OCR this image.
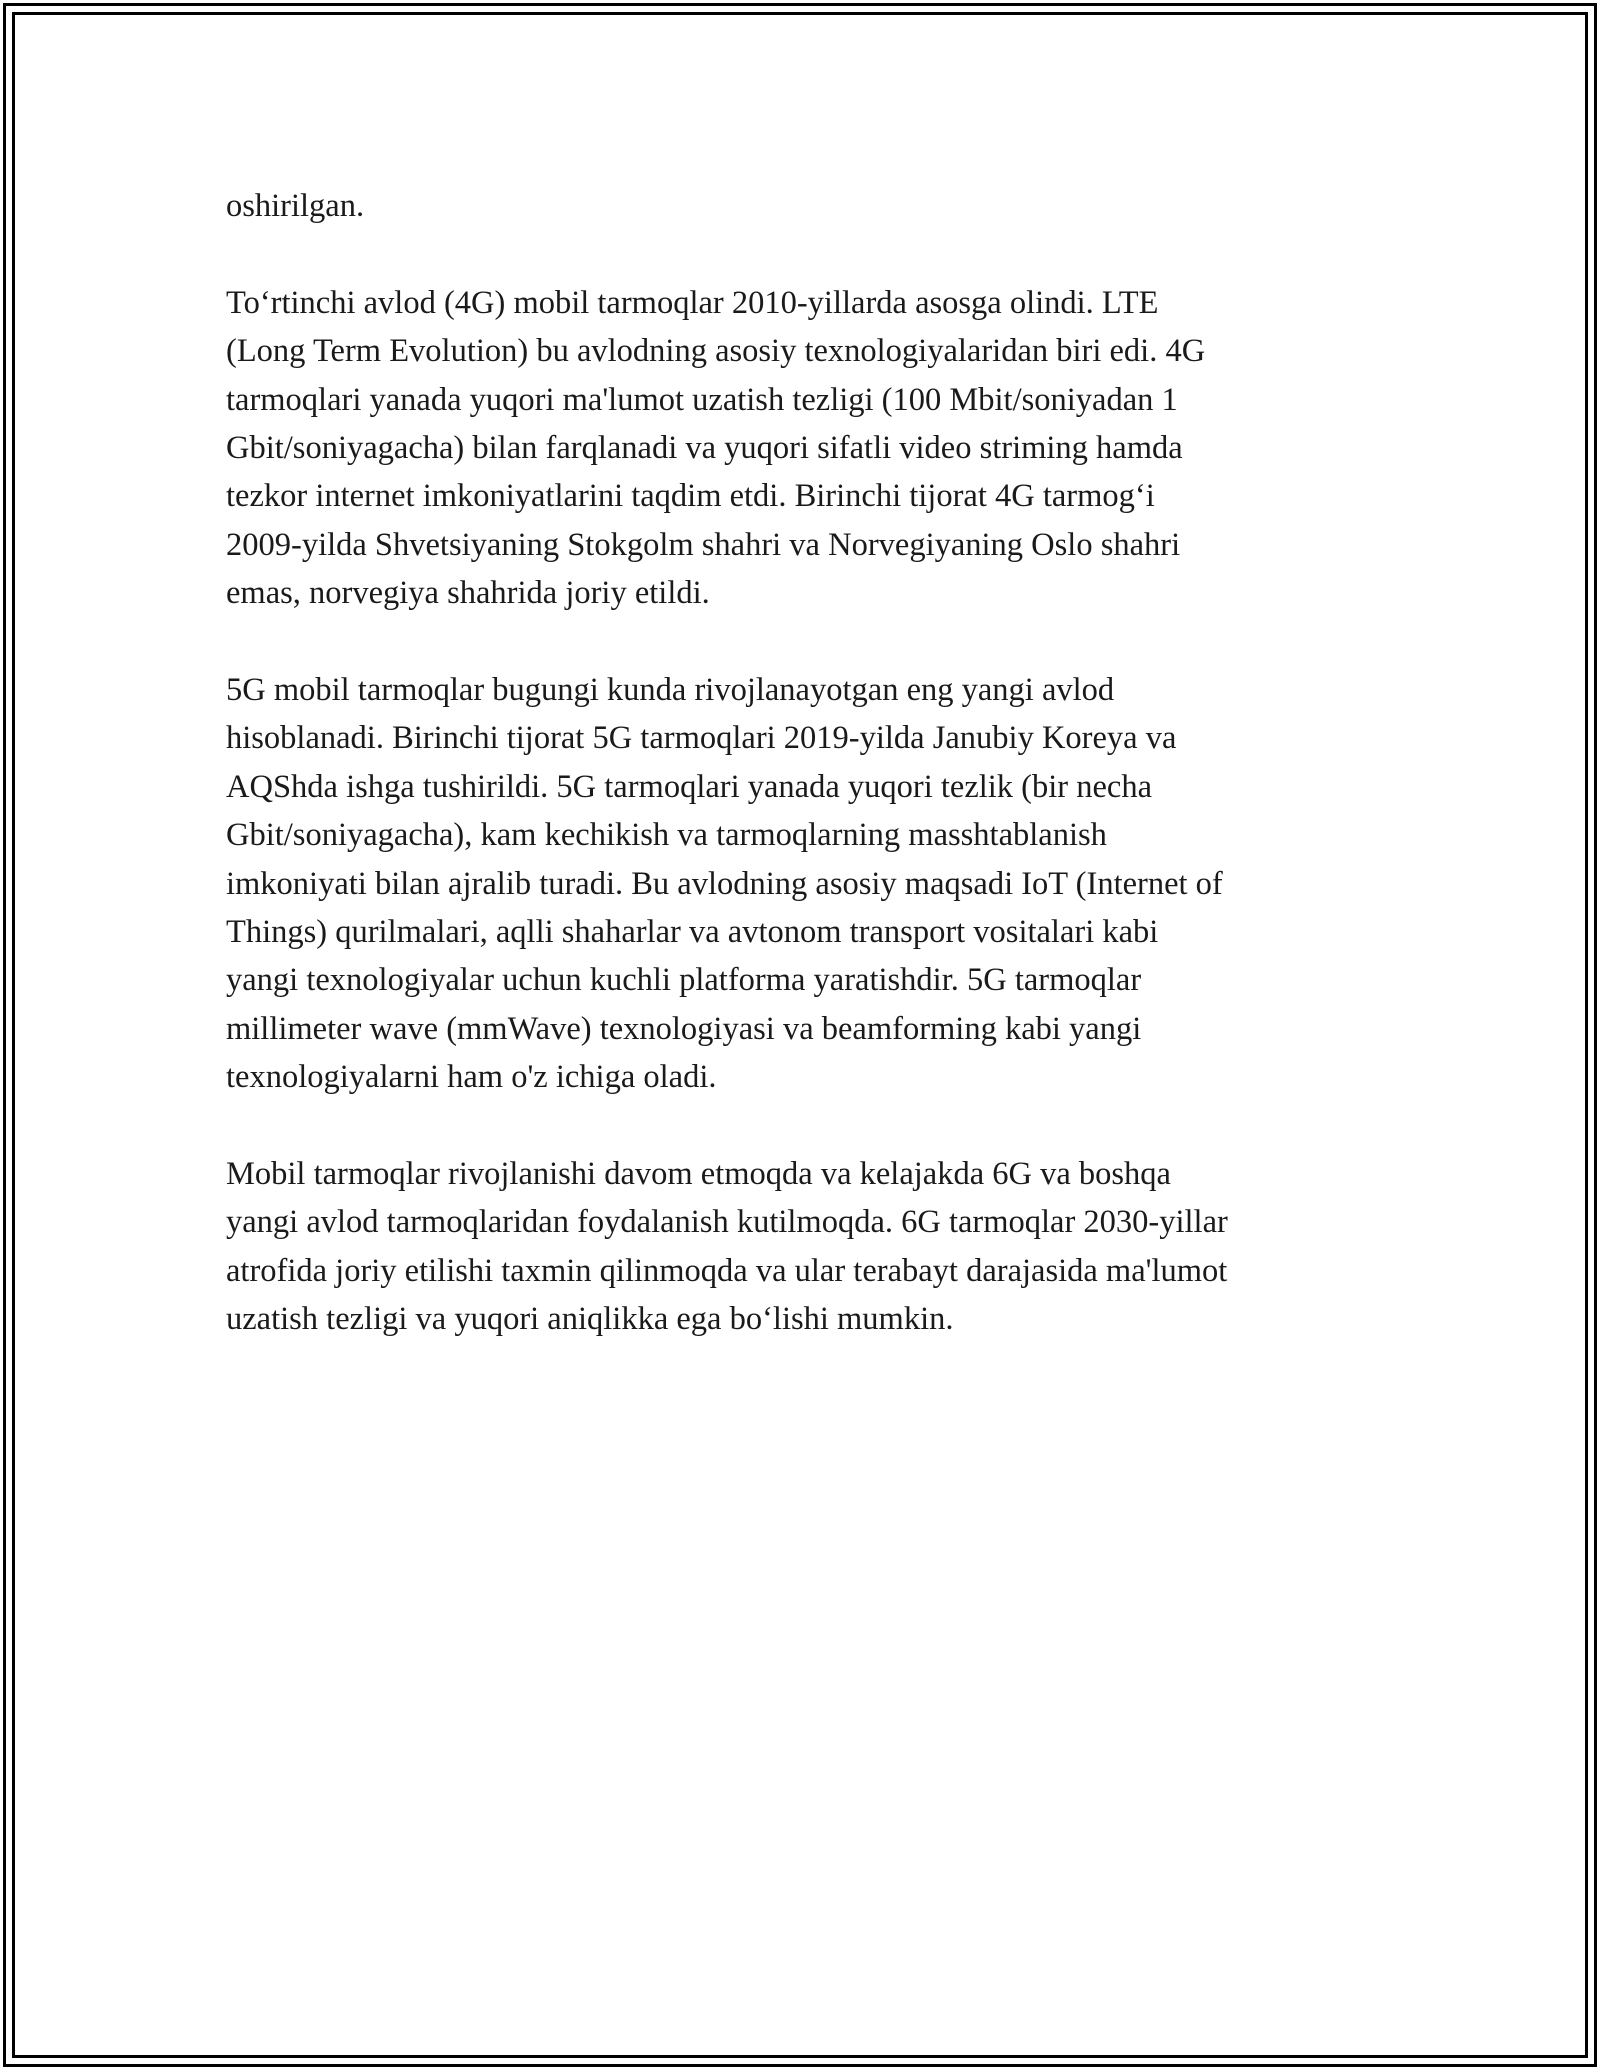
oshirilgan.

To‘rtinchi avlod (4G) mobil tarmoqlar 2010-yillarda asosga olindi. LTE
(Long Term Evolution) bu avlodning asosiy texnologiyalaridan biri edi. 4G
tarmoqlari yanada yuqori ma'lumot uzatish tezligi (100 Mbit/soniyadan 1
Gbit/soniyagacha) bilan farqlanadi va yuqori sifatli video striming hamda
tezkor internet imkoniyatlarini taqdim etdi. Birinchi tijorat 4G tarmog‘i
2009-yilda Shvetsiyaning Stokgolm shahri va Norvegiyaning Oslo shahri
emas, norvegiya shahrida joriy etildi.

5G mobil tarmoqlar bugungi kunda rivojlanayotgan eng yangi avlod
hisoblanadi. Birinchi tijorat 5G tarmoqlari 2019-yilda Janubiy Koreya va
AQShda ishga tushirildi. 5G tarmoqlari yanada yuqori tezlik (bir necha
Gbit/soniyagacha), kam kechikish va tarmoqlarning masshtablanish
imkoniyati bilan ajralib turadi. Bu avlodning asosiy maqsadi IoT (Internet of
Things) qurilmalari, aqlli shaharlar va avtonom transport vositalari kabi
yangi texnologiyalar uchun kuchli platforma yaratishdir. 5G tarmoqlar
millimeter wave (mmWave) texnologiyasi va beamforming kabi yangi
texnologiyalarni ham o'z ichiga oladi.

Mobil tarmoqlar rivojlanishi davom etmoqda va kelajakda 6G va boshqa
yangi avlod tarmoqlaridan foydalanish kutilmoqda. 6G tarmoqlar 2030-yillar
atrofida joriy etilishi taxmin qilinmoqda va ular terabayt darajasida ma'lumot
uzatish tezligi va yuqori aniqlikka ega bo‘lishi mumkin.
